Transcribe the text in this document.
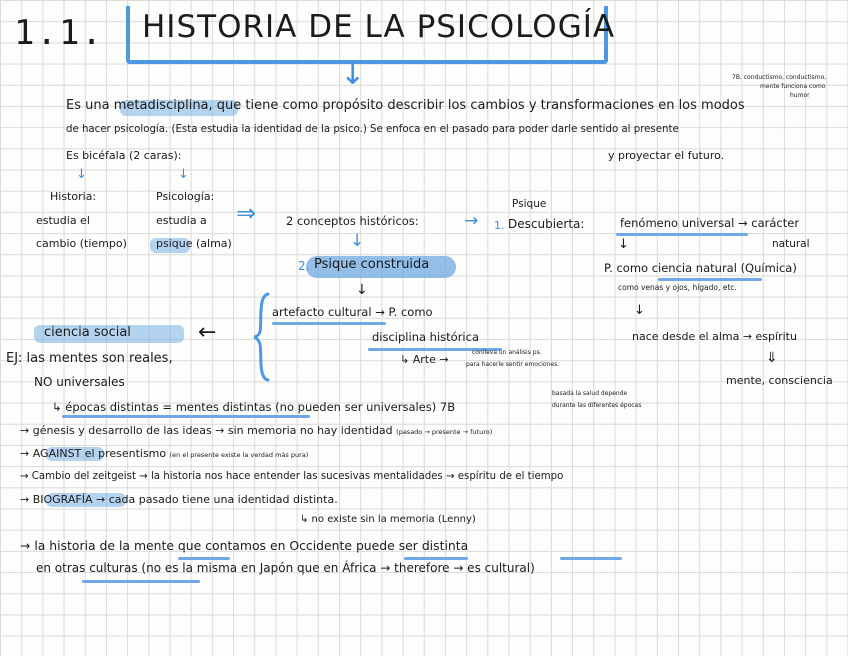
1.1. HISTORIA DE LA PSICOLOGÍA
↓
Es una metadisciplina, que tiene como propósito describir los cambios y transformaciones en los modos
7B. conductismo, conductismo,
mente funciona como
humor
de hacer psicología. (Esta estudia la identidad de la psico.) Se enfoca en el pasado para poder darle sentido al presente
Es bicéfala (2 caras):	y proyectar el futuro.
↓	↓
Historia:
estudia el
cambio (tiempo)
Psicología:
estudia a
psique (alma)
⇒	2 conceptos históricos:	→
↓
2. Psique construida
↓
artefacto cultural → P. como
disciplina histórica
↳ Arte →
conlleva un análisis ps.
para hacerle sentir emociones.
Psique
1. Descubierta:	fenómeno universal → carácter
natural
↓
P. como ciencia natural (Química)
como venas y ojos, hígado, etc.
↓
nace desde el alma → espíritu
⇓
mente, consciencia
ciencia social	←
EJ: las mentes son reales,
NO universales
↳ épocas distintas = mentes distintas (no pueden ser universales) 7B
basada la salud depende
durante las diferentes épocas
→ génesis y desarrollo de las ideas → sin memoria no hay identidad (pasado → presente → futuro)
→ AGAINST el presentismo (en el presente existe la verdad más pura)
→ Cambio del zeitgeist → la historia nos hace entender las sucesivas mentalidades → espíritu de el tiempo
→ BIOGRAFÍA → cada pasado tiene una identidad distinta.
↳ no existe sin la memoria (Lenny)
→ la historia de la mente que contamos en Occidente puede ser distinta
en otras culturas (no es la misma en Japón que en África → therefore → es cultural)
